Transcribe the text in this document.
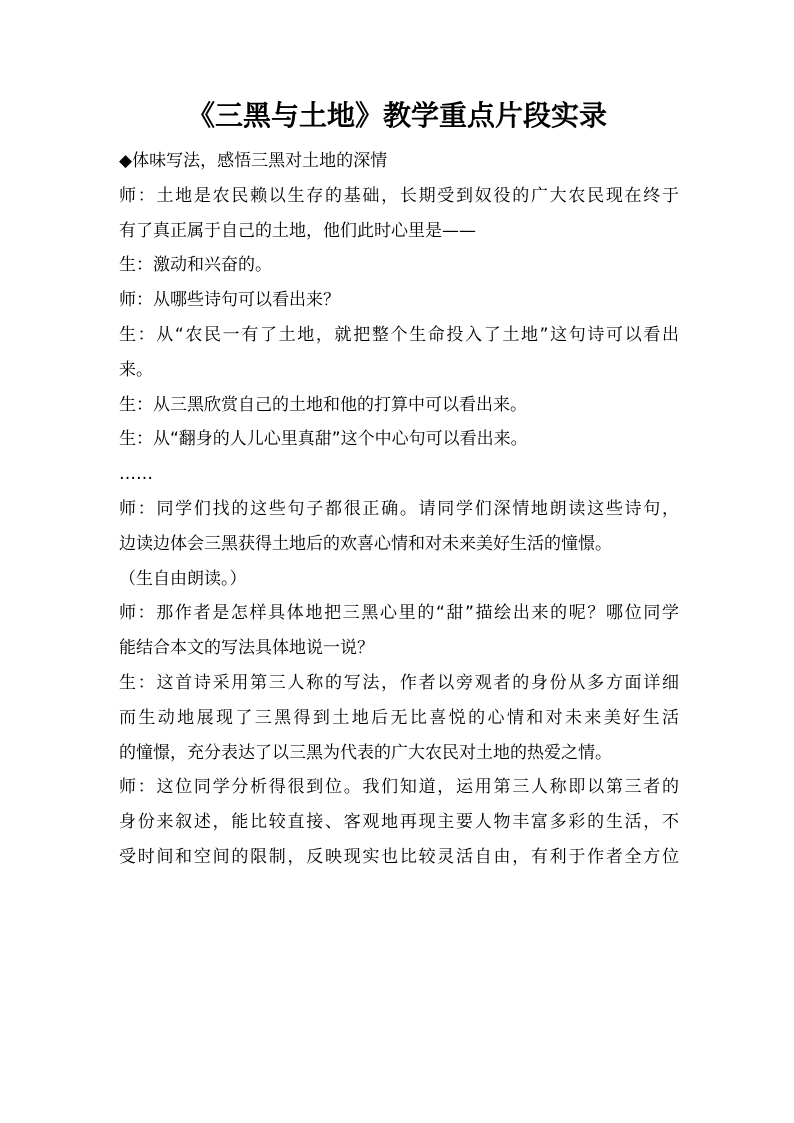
《三黑与土地》教学重点片段实录
◆体味写法，感悟三黑对土地的深情
师：土地是农民赖以生存的基础，长期受到奴役的广大农民现在终于
有了真正属于自己的土地，他们此时心里是——
生：激动和兴奋的。
师：从哪些诗句可以看出来？
生：从“农民一有了土地，就把整个生命投入了土地”这句诗可以看出
来。
生：从三黑欣赏自己的土地和他的打算中可以看出来。
生：从“翻身的人儿心里真甜”这个中心句可以看出来。
……
师：同学们找的这些句子都很正确。请同学们深情地朗读这些诗句，
边读边体会三黑获得土地后的欢喜心情和对未来美好生活的憧憬。
（生自由朗读。）
师：那作者是怎样具体地把三黑心里的“甜”描绘出来的呢？哪位同学
能结合本文的写法具体地说一说？
生：这首诗采用第三人称的写法，作者以旁观者的身份从多方面详细
而生动地展现了三黑得到土地后无比喜悦的心情和对未来美好生活
的憧憬，充分表达了以三黑为代表的广大农民对土地的热爱之情。
师：这位同学分析得很到位。我们知道，运用第三人称即以第三者的
身份来叙述，能比较直接、客观地再现主要人物丰富多彩的生活，不
受时间和空间的限制，反映现实也比较灵活自由，有利于作者全方位
